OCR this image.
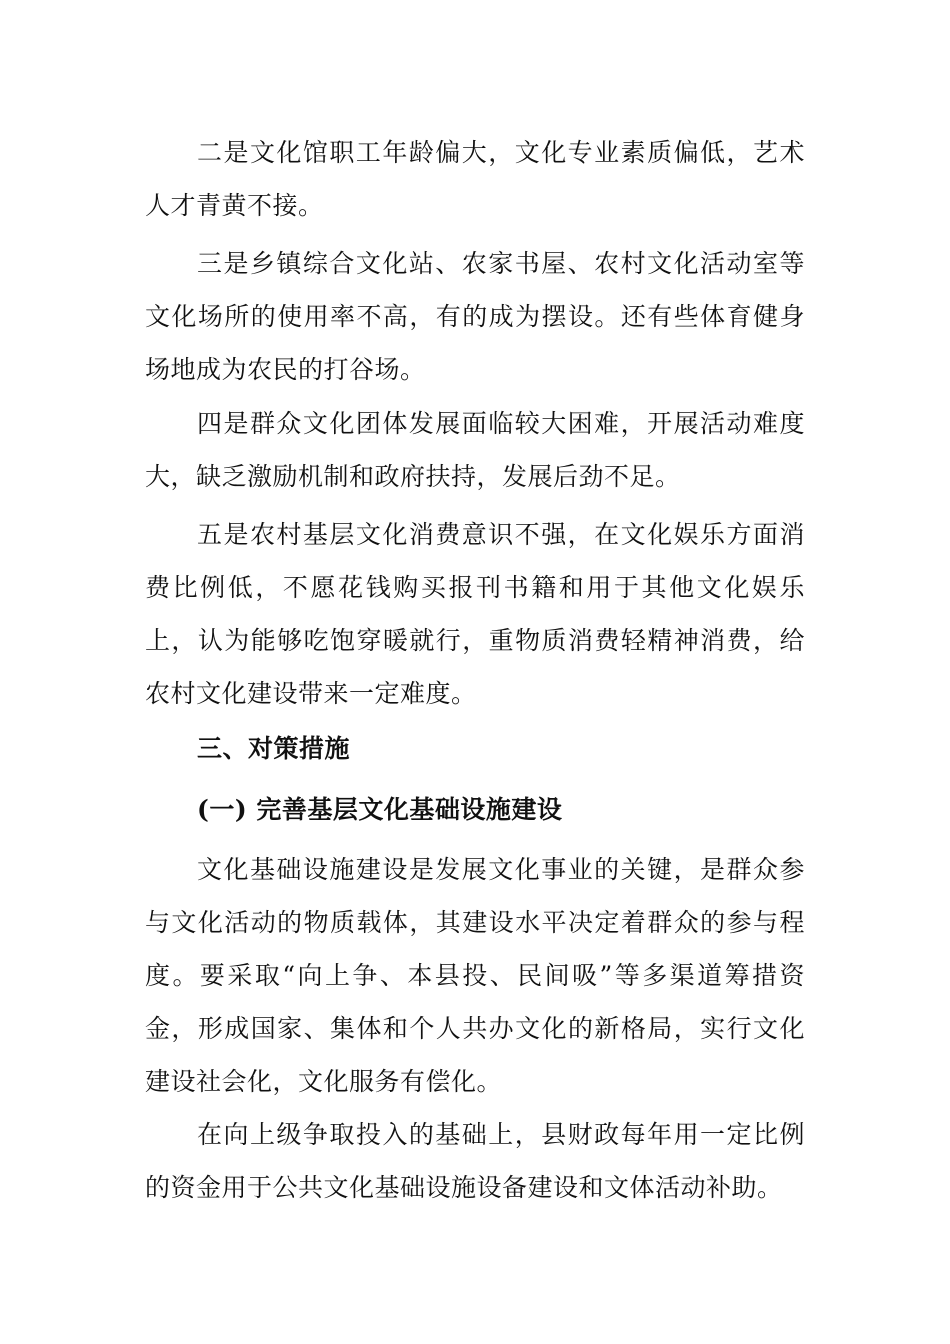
二是文化馆职工年龄偏大，文化专业素质偏低，艺术人才青黄不接。

三是乡镇综合文化站、农家书屋、农村文化活动室等文化场所的使用率不高，有的成为摆设。还有些体育健身场地成为农民的打谷场。

四是群众文化团体发展面临较大困难，开展活动难度大，缺乏激励机制和政府扶持，发展后劲不足。

五是农村基层文化消费意识不强，在文化娱乐方面消费比例低，不愿花钱购买报刊书籍和用于其他文化娱乐上，认为能够吃饱穿暖就行，重物质消费轻精神消费，给农村文化建设带来一定难度。

三、对策措施
(一) 完善基层文化基础设施建设

文化基础设施建设是发展文化事业的关键，是群众参与文化活动的物质载体，其建设水平决定着群众的参与程度。要采取“向上争、本县投、民间吸”等多渠道筹措资金，形成国家、集体和个人共办文化的新格局，实行文化建设社会化，文化服务有偿化。

在向上级争取投入的基础上，县财政每年用一定比例的资金用于公共文化基础设施设备建设和文体活动补助。
